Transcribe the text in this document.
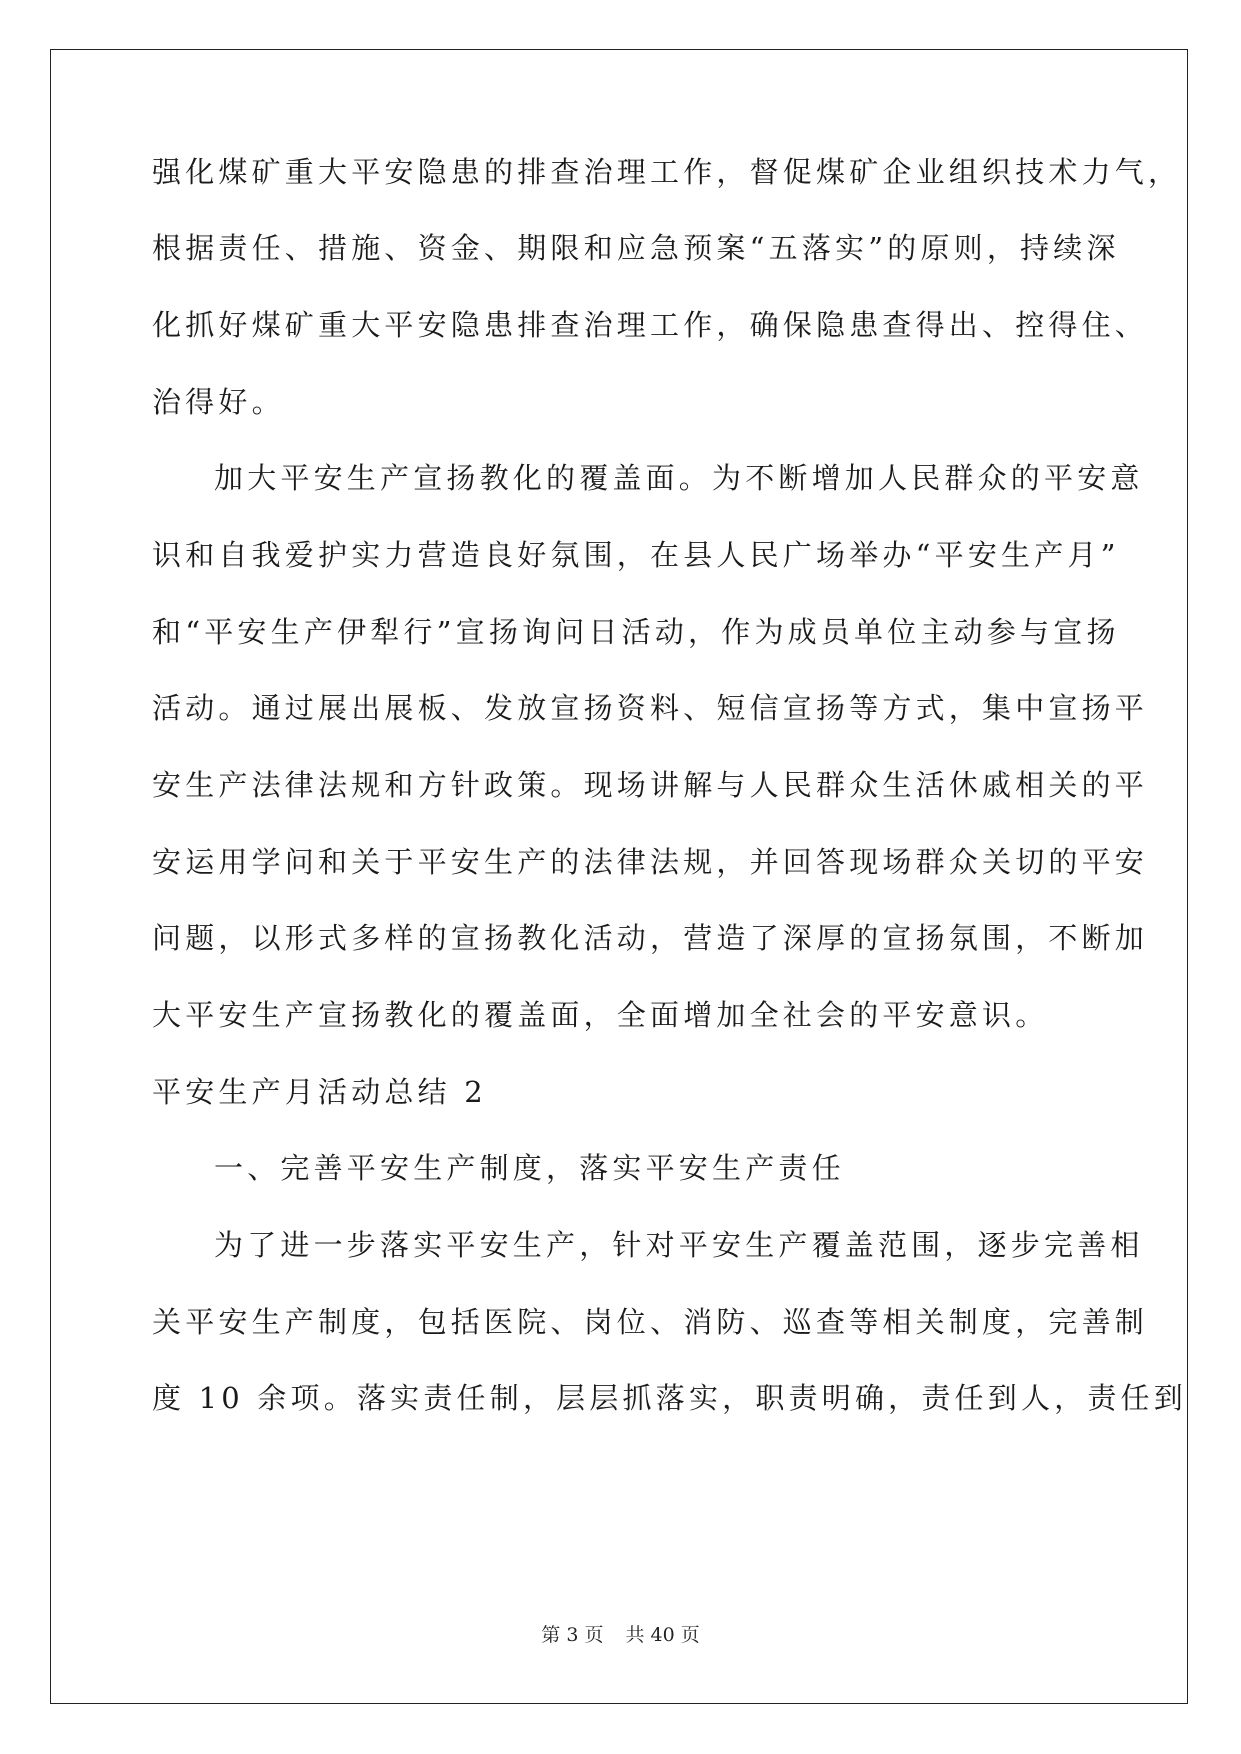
强化煤矿重大平安隐患的排查治理工作，督促煤矿企业组织技术力气，
根据责任、措施、资金、期限和应急预案“五落实”的原则，持续深
化抓好煤矿重大平安隐患排查治理工作，确保隐患查得出、控得住、
治得好。
加大平安生产宣扬教化的覆盖面。为不断增加人民群众的平安意
识和自我爱护实力营造良好氛围，在县人民广场举办“平安生产月”
和“平安生产伊犁行”宣扬询问日活动，作为成员单位主动参与宣扬
活动。通过展出展板、发放宣扬资料、短信宣扬等方式，集中宣扬平
安生产法律法规和方针政策。现场讲解与人民群众生活休戚相关的平
安运用学问和关于平安生产的法律法规，并回答现场群众关切的平安
问题，以形式多样的宣扬教化活动，营造了深厚的宣扬氛围，不断加
大平安生产宣扬教化的覆盖面，全面增加全社会的平安意识。
平安生产月活动总结 2
一、完善平安生产制度，落实平安生产责任
为了进一步落实平安生产，针对平安生产覆盖范围，逐步完善相
关平安生产制度，包括医院、岗位、消防、巡查等相关制度，完善制
度 10 余项。落实责任制，层层抓落实，职责明确，责任到人，责任到
第 3 页 共 40 页
